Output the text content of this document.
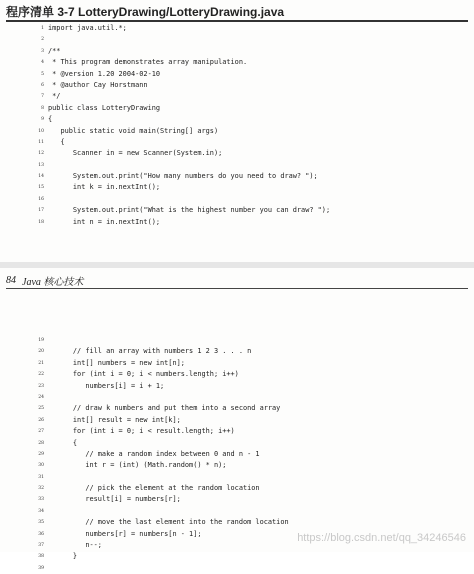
程序清单 3-7 LotteryDrawing/LotteryDrawing.java
1 import java.util.*;
2
3 /**
4 * This program demonstrates array manipulation.
5 * @version 1.20 2004-02-10
6 * @author Cay Horstmann
7 */
8 public class LotteryDrawing
9 {
10 public static void main(String[] args)
11 {
12 Scanner in = new Scanner(System.in);
13
14 System.out.print("How many numbers do you need to draw? ");
15 int k = in.nextInt();
16
17 System.out.print("What is the highest number you can draw? ");
18 int n = in.nextInt();
84 Java 核心技术
19
20 // fill an array with numbers 1 2 3 . . . n
21 int[] numbers = new int[n];
22 for (int i = 0; i < numbers.length; i++)
23 numbers[i] = i + 1;
24
25 // draw k numbers and put them into a second array
26 int[] result = new int[k];
27 for (int i = 0; i < result.length; i++)
28 {
29 // make a random index between 0 and n - 1
30 int r = (int) (Math.random() * n);
31
32 // pick the element at the random location
33 result[i] = numbers[r];
34
35 // move the last element into the random location
36 numbers[r] = numbers[n - 1];
37 n--;
38 }
39
https://blog.csdn.net/qq_34246546
